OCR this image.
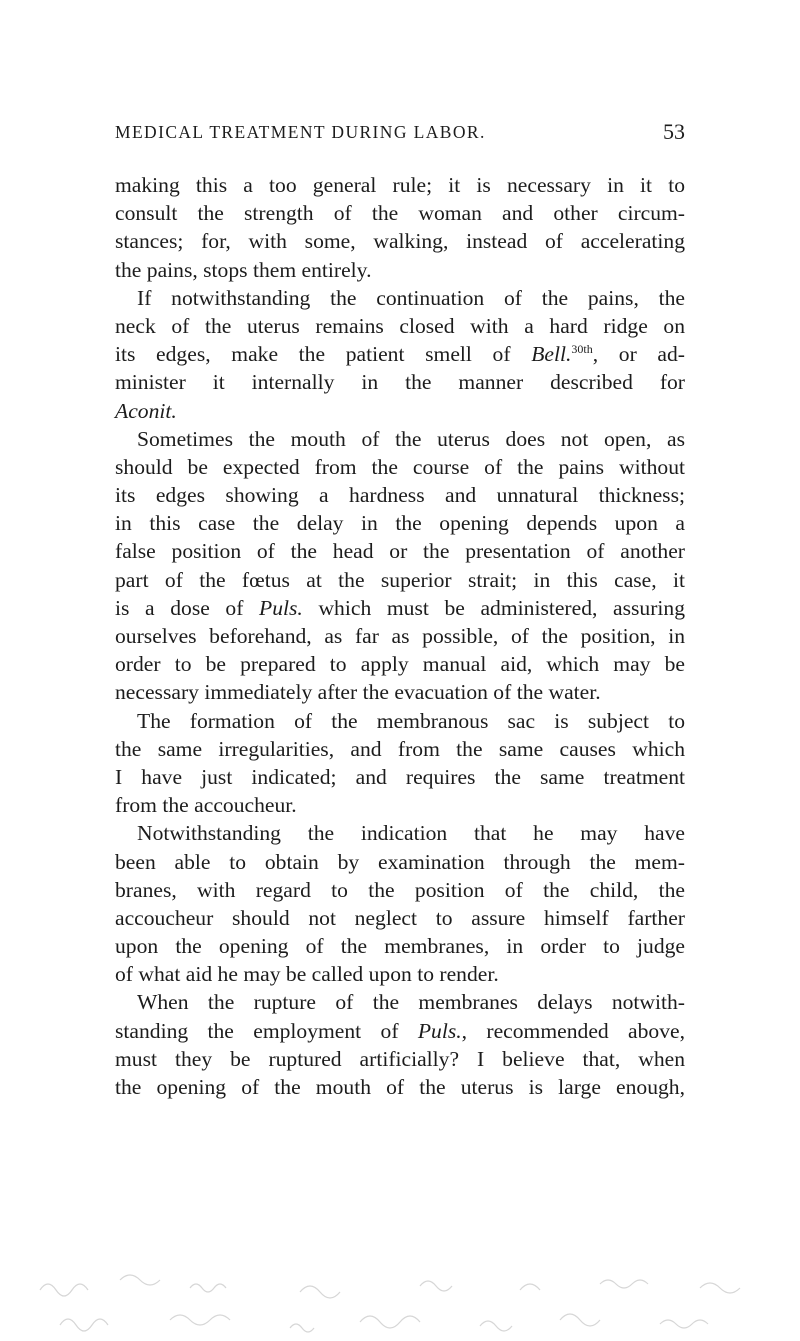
MEDICAL TREATMENT DURING LABOR.	53
making this a too general rule; it is necessary in it to
consult the strength of the woman and other circum-
stances; for, with some, walking, instead of accelerating
the pains, stops them entirely.
If notwithstanding the continuation of the pains, the
neck of the uterus remains closed with a hard ridge on
its edges, make the patient smell of Bell.$^{30th}$, or ad-
minister it internally in the manner described for
Aconit.
Sometimes the mouth of the uterus does not open, as
should be expected from the course of the pains without
its edges showing a hardness and unnatural thickness;
in this case the delay in the opening depends upon a
false position of the head or the presentation of another
part of the fœtus at the superior strait; in this case, it
is a dose of Puls. which must be administered, assuring
ourselves beforehand, as far as possible, of the position, in
order to be prepared to apply manual aid, which may be
necessary immediately after the evacuation of the water.
The formation of the membranous sac is subject to
the same irregularities, and from the same causes which
I have just indicated; and requires the same treatment
from the accoucheur.
Notwithstanding the indication that he may have
been able to obtain by examination through the mem-
branes, with regard to the position of the child, the
accoucheur should not neglect to assure himself farther
upon the opening of the membranes, in order to judge
of what aid he may be called upon to render.
When the rupture of the membranes delays notwith-
standing the employment of Puls., recommended above,
must they be ruptured artificially? I believe that, when
the opening of the mouth of the uterus is large enough,
